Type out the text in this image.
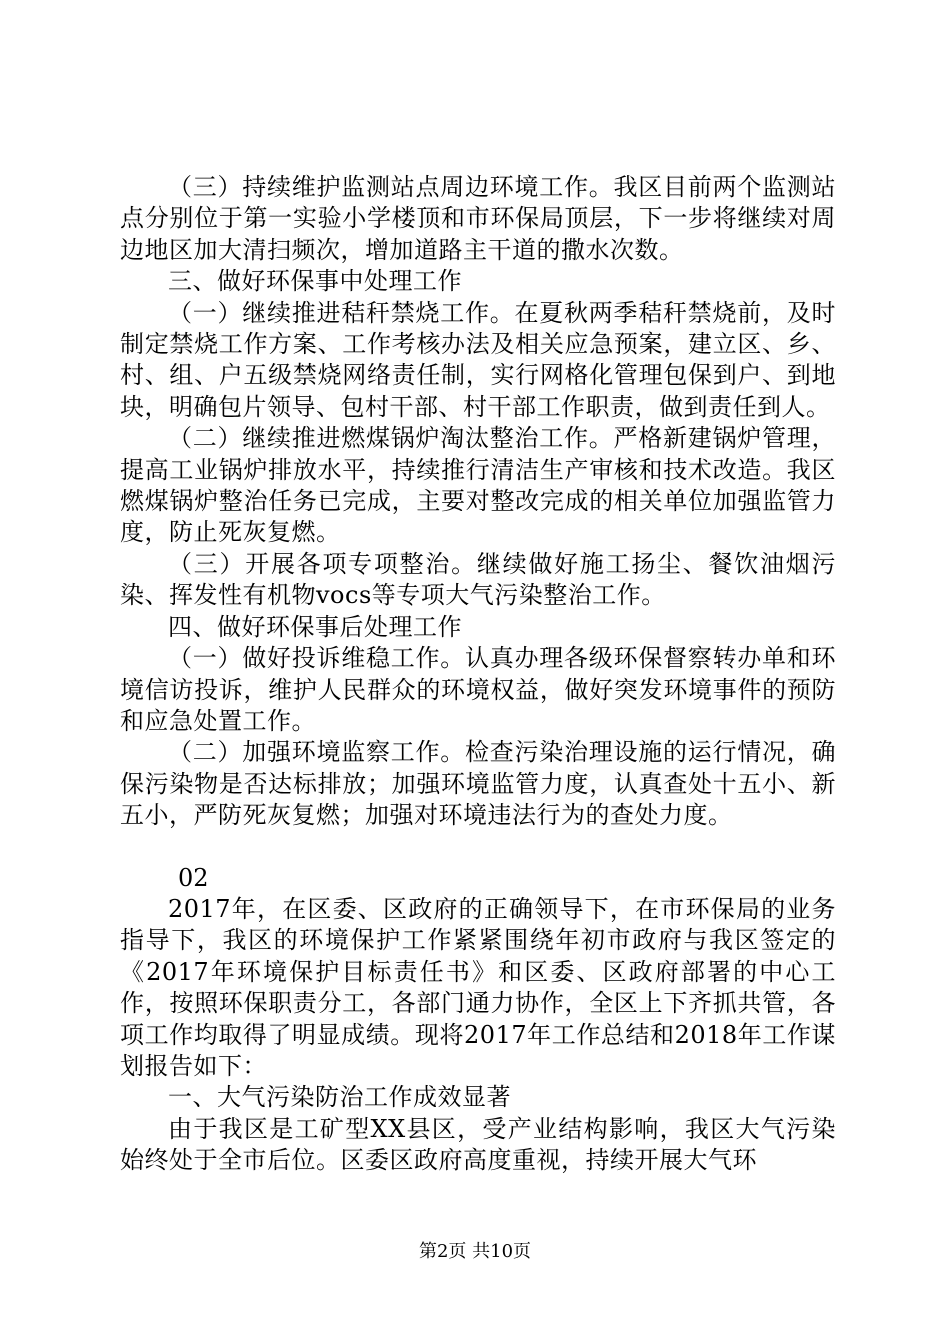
（三）持续维护监测站点周边环境工作。我区目前两个监测站点分别位于第一实验小学楼顶和市环保局顶层，下一步将继续对周边地区加大清扫频次，增加道路主干道的撒水次数。

三、做好环保事中处理工作

（一）继续推进秸秆禁烧工作。在夏秋两季秸秆禁烧前，及时制定禁烧工作方案、工作考核办法及相关应急预案，建立区、乡、村、组、户五级禁烧网络责任制，实行网格化管理包保到户、到地块，明确包片领导、包村干部、村干部工作职责，做到责任到人。

（二）继续推进燃煤锅炉淘汰整治工作。严格新建锅炉管理，提高工业锅炉排放水平，持续推行清洁生产审核和技术改造。我区燃煤锅炉整治任务已完成，主要对整改完成的相关单位加强监管力度，防止死灰复燃。

（三）开展各项专项整治。继续做好施工扬尘、餐饮油烟污染、挥发性有机物vocs等专项大气污染整治工作。

四、做好环保事后处理工作

（一）做好投诉维稳工作。认真办理各级环保督察转办单和环境信访投诉，维护人民群众的环境权益，做好突发环境事件的预防和应急处置工作。

（二）加强环境监察工作。检查污染治理设施的运行情况，确保污染物是否达标排放；加强环境监管力度，认真查处十五小、新五小，严防死灰复燃；加强对环境违法行为的查处力度。

02

2017年，在区委、区政府的正确领导下，在市环保局的业务指导下，我区的环境保护工作紧紧围绕年初市政府与我区签定的《2017年环境保护目标责任书》和区委、区政府部署的中心工作，按照环保职责分工，各部门通力协作，全区上下齐抓共管，各项工作均取得了明显成绩。现将2017年工作总结和2018年工作谋划报告如下：

一、大气污染防治工作成效显著

由于我区是工矿型XX县区，受产业结构影响，我区大气污染始终处于全市后位。区委区政府高度重视，持续开展大气环

第2页 共10页
